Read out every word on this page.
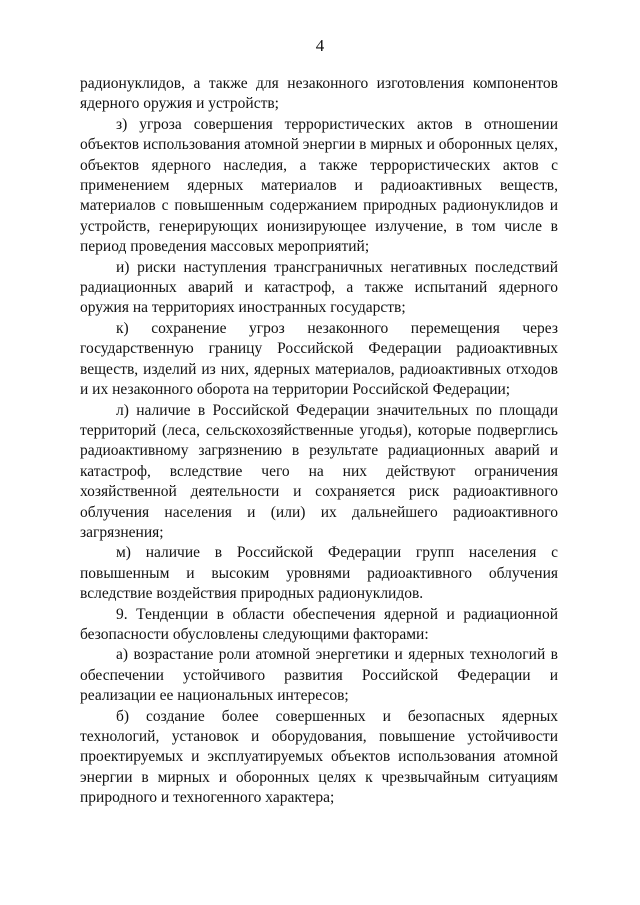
4

радионуклидов, а также для незаконного изготовления компонентов ядерного оружия и устройств;

з) угроза совершения террористических актов в отношении объектов использования атомной энергии в мирных и оборонных целях, объектов ядерного наследия, а также террористических актов с применением ядерных материалов и радиоактивных веществ, материалов с повышенным содержанием природных радионуклидов и устройств, генерирующих ионизирующее излучение, в том числе в период проведения массовых мероприятий;

и) риски наступления трансграничных негативных последствий радиационных аварий и катастроф, а также испытаний ядерного оружия на территориях иностранных государств;

к) сохранение угроз незаконного перемещения через государственную границу Российской Федерации радиоактивных веществ, изделий из них, ядерных материалов, радиоактивных отходов и их незаконного оборота на территории Российской Федерации;

л) наличие в Российской Федерации значительных по площади территорий (леса, сельскохозяйственные угодья), которые подверглись радиоактивному загрязнению в результате радиационных аварий и катастроф, вследствие чего на них действуют ограничения хозяйственной деятельности и сохраняется риск радиоактивного облучения населения и (или) их дальнейшего радиоактивного загрязнения;

м) наличие в Российской Федерации групп населения с повышенным и высоким уровнями радиоактивного облучения вследствие воздействия природных радионуклидов.

9. Тенденции в области обеспечения ядерной и радиационной безопасности обусловлены следующими факторами:

а) возрастание роли атомной энергетики и ядерных технологий в обеспечении устойчивого развития Российской Федерации и реализации ее национальных интересов;

б) создание более совершенных и безопасных ядерных технологий, установок и оборудования, повышение устойчивости проектируемых и эксплуатируемых объектов использования атомной энергии в мирных и оборонных целях к чрезвычайным ситуациям природного и техногенного характера;
